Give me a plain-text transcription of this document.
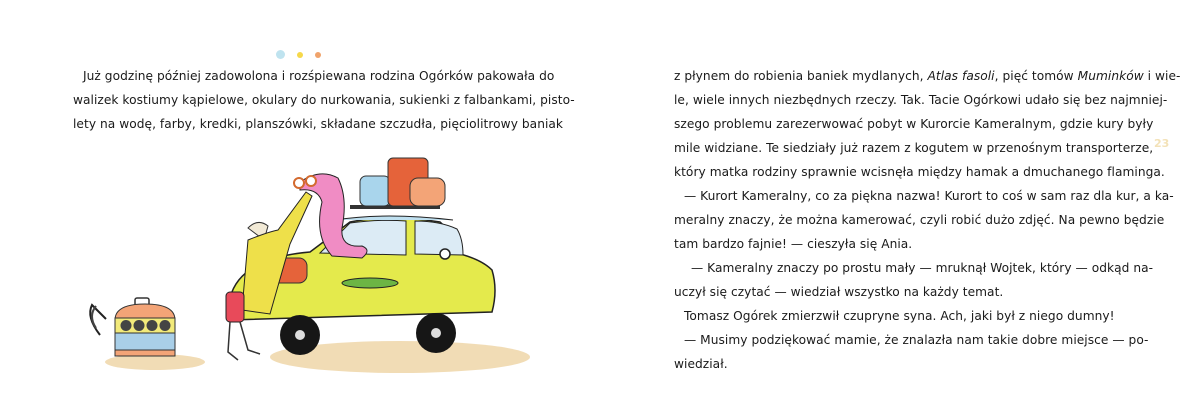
Już godzinę później zadowolona i rozśpiewana rodzina Ogórków pakowała do
walizek kostiumy kąpielowe, okulary do nurkowania, sukienki z falbankami, pisto-
lety na wodę, farby, kredki, planszówki, składane szczudła, pięciolitrowy baniak
z płynem do robienia baniek mydlanych, Atlas fasoli, pięć tomów Muminków i wie-
le, wiele innych niezbędnych rzeczy. Tak. Tacie Ogórkowi udało się bez najmniej-
szego problemu zarezerwować pobyt w Kurorcie Kameralnym, gdzie kury były
mile widziane. Te siedziały już razem z kogutem w przenośnym transporterze,
który matka rodziny sprawnie wcisnęła między hamak a dmuchanego flaminga.
— Kurort Kameralny, co za piękna nazwa! Kurort to coś w sam raz dla kur, a ka-
meralny znaczy, że można kamerować, czyli robić dużo zdjęć. Na pewno będzie
tam bardzo fajnie! — cieszyła się Ania.
— Kameralny znaczy po prostu mały — mruknął Wojtek, który — odkąd na-
uczył się czytać — wiedział wszystko na każdy temat.
Tomasz Ogórek zmierzwił czupryne syna. Ach, jaki był z niego dumny!
— Musimy podziękować mamie, że znalazła nam takie dobre miejsce — po-
wiedział.
23
